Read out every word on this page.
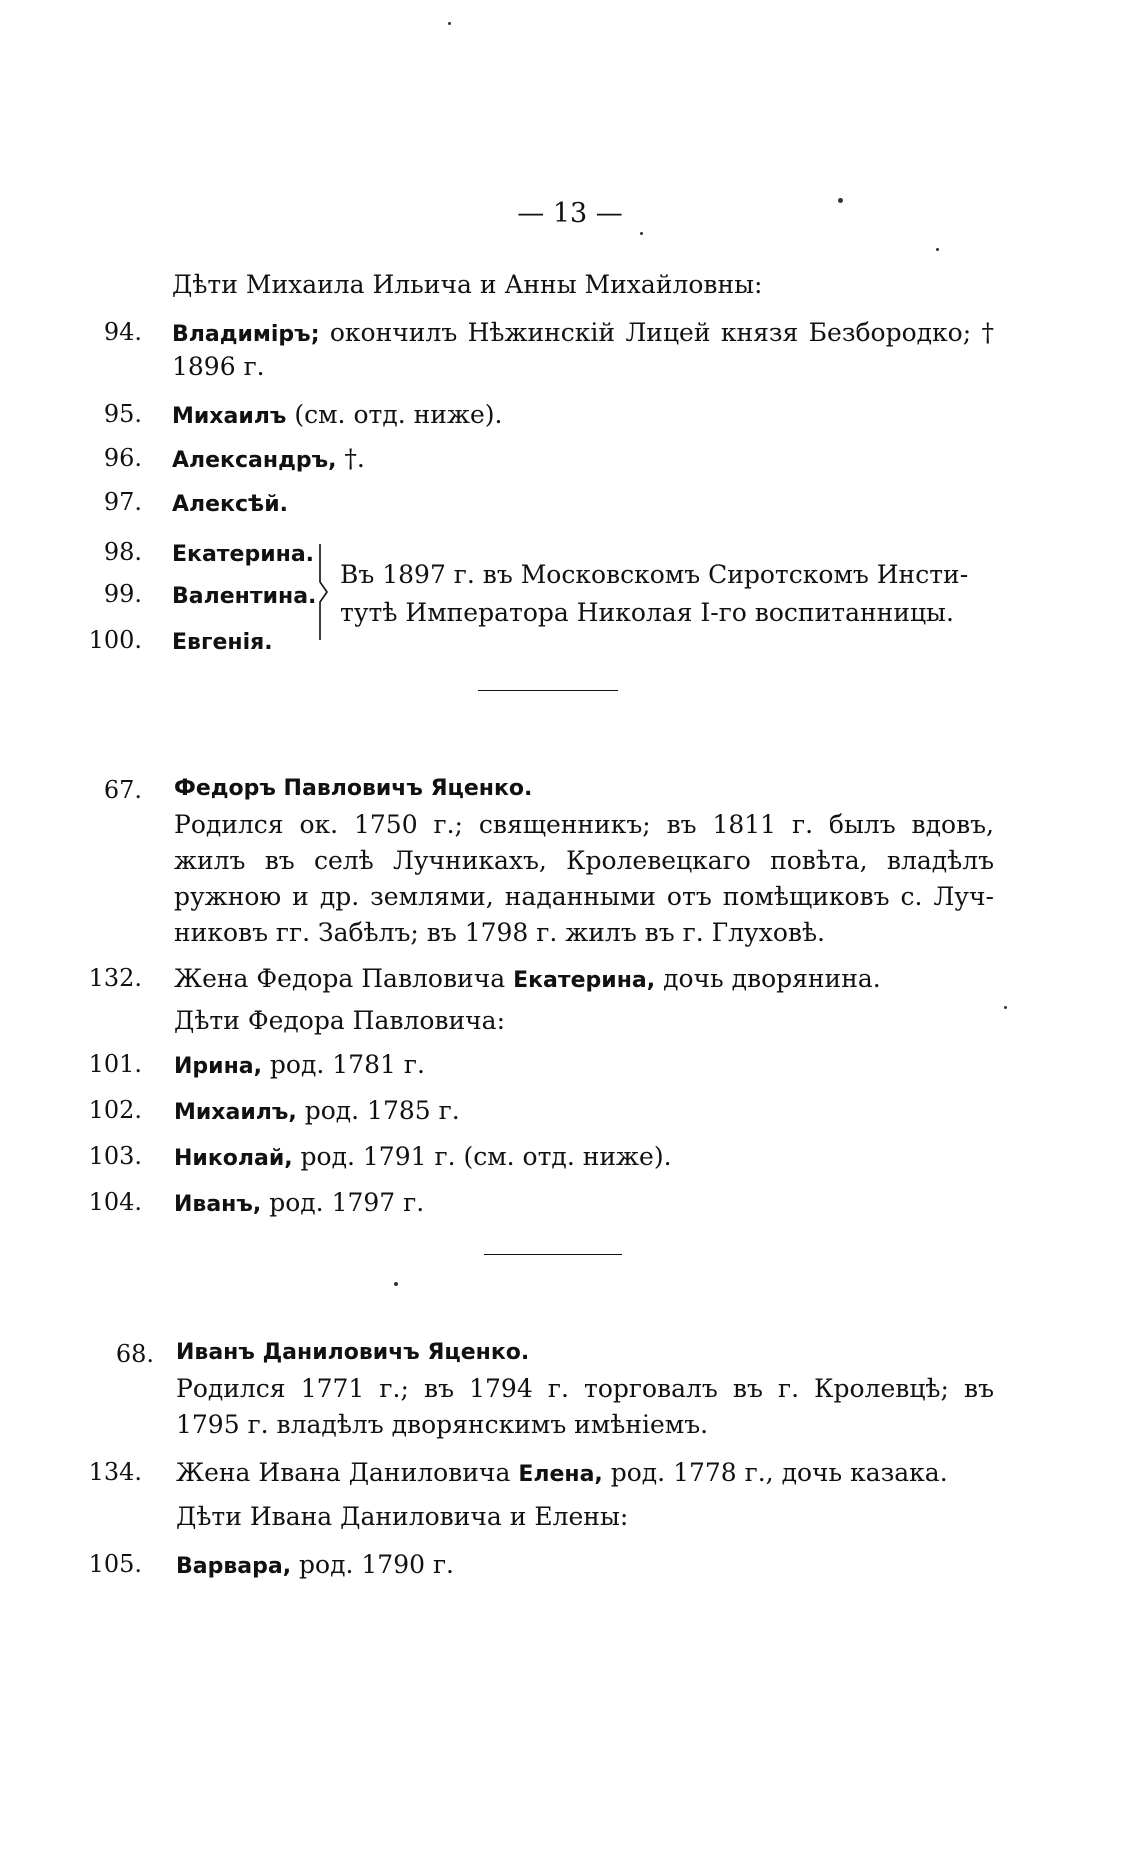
— 13 —
Дѣти Михаила Ильича и Анны Михайловны:
94. Владиміръ; окончилъ Нѣжинскій Лицей князя Безбородко; †
1896 г.
95. Михаилъ (см. отд. ниже).
96. Александръ, †.
97. Алексѣй.
98. Екатерина.
99. Валентина.
100. Евгенія.
Въ 1897 г. въ Московскомъ Сиротскомъ Инсти-
тутѣ Императора Николая I-го воспитанницы.
67. Федоръ Павловичъ Яценко.
Родился ок. 1750 г.; священникъ; въ 1811 г. былъ вдовъ,
жилъ въ селѣ Лучникахъ, Кролевецкаго повѣта, владѣлъ
ружною и др. землями, наданными отъ помѣщиковъ с. Луч-
никовъ гг. Забѣлъ; въ 1798 г. жилъ въ г. Глуховѣ.
132. Жена Федора Павловича Екатерина, дочь дворянина.
Дѣти Федора Павловича:
101. Ирина, род. 1781 г.
102. Михаилъ, род. 1785 г.
103. Николай, род. 1791 г. (см. отд. ниже).
104. Иванъ, род. 1797 г.
68. Иванъ Даниловичъ Яценко.
Родился 1771 г.; въ 1794 г. торговалъ въ г. Кролевцѣ; въ
1795 г. владѣлъ дворянскимъ имѣніемъ.
134. Жена Ивана Даниловича Елена, род. 1778 г., дочь казака.
Дѣти Ивана Даниловича и Елены:
105. Варвара, род. 1790 г.
